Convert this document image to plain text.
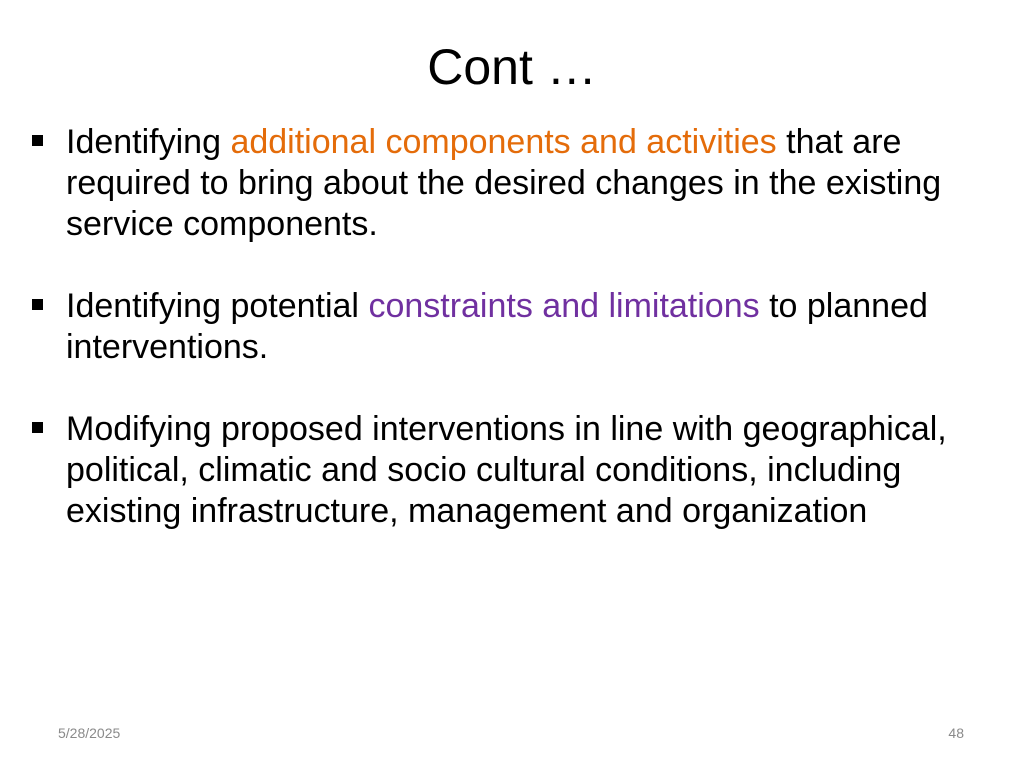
Cont …
Identifying additional components and activities that are required to bring about the desired changes in the existing service components.
Identifying potential constraints and limitations to planned interventions.
Modifying proposed interventions in line with geographical, political, climatic and socio cultural conditions, including existing infrastructure, management and organization
5/28/2025	48
